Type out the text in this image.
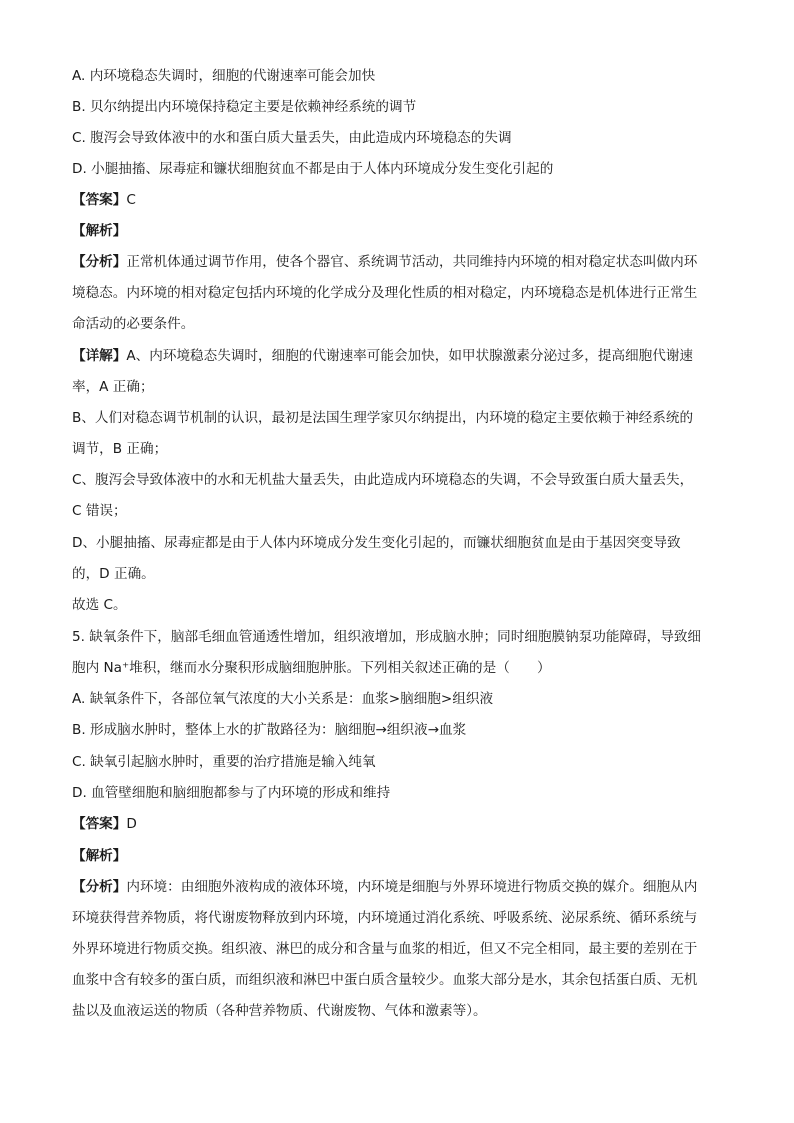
A. 内环境稳态失调时，细胞的代谢速率可能会加快
B. 贝尔纳提出内环境保持稳定主要是依赖神经系统的调节
C. 腹泻会导致体液中的水和蛋白质大量丢失，由此造成内环境稳态的失调
D. 小腿抽搐、尿毒症和镰状细胞贫血不都是由于人体内环境成分发生变化引起的
【答案】C
【解析】
【分析】正常机体通过调节作用，使各个器官、系统调节活动，共同维持内环境的相对稳定状态叫做内环
境稳态。内环境的相对稳定包括内环境的化学成分及理化性质的相对稳定，内环境稳态是机体进行正常生
命活动的必要条件。
【详解】A、内环境稳态失调时，细胞的代谢速率可能会加快，如甲状腺激素分泌过多，提高细胞代谢速
率，A 正确；
B、人们对稳态调节机制的认识，最初是法国生理学家贝尔纳提出，内环境的稳定主要依赖于神经系统的
调节，B 正确；
C、腹泻会导致体液中的水和无机盐大量丢失，由此造成内环境稳态的失调，不会导致蛋白质大量丢失，
C 错误；
D、小腿抽搐、尿毒症都是由于人体内环境成分发生变化引起的，而镰状细胞贫血是由于基因突变导致
的，D 正确。
故选 C。
5. 缺氧条件下，脑部毛细血管通透性增加，组织液增加，形成脑水肿；同时细胞膜钠泵功能障碍，导致细
胞内 Na⁺堆积，继而水分聚积形成脑细胞肿胀。下列相关叙述正确的是（　　）
A. 缺氧条件下，各部位氧气浓度的大小关系是：血浆>脑细胞>组织液
B. 形成脑水肿时，整体上水的扩散路径为：脑细胞→组织液→血浆
C. 缺氧引起脑水肿时，重要的治疗措施是输入纯氧
D. 血管壁细胞和脑细胞都参与了内环境的形成和维持
【答案】D
【解析】
【分析】内环境：由细胞外液构成的液体环境，内环境是细胞与外界环境进行物质交换的媒介。细胞从内
环境获得营养物质，将代谢废物释放到内环境，内环境通过消化系统、呼吸系统、泌尿系统、循环系统与
外界环境进行物质交换。组织液、淋巴的成分和含量与血浆的相近，但又不完全相同，最主要的差别在于
血浆中含有较多的蛋白质，而组织液和淋巴中蛋白质含量较少。血浆大部分是水，其余包括蛋白质、无机
盐以及血液运送的物质（各种营养物质、代谢废物、气体和激素等）。
